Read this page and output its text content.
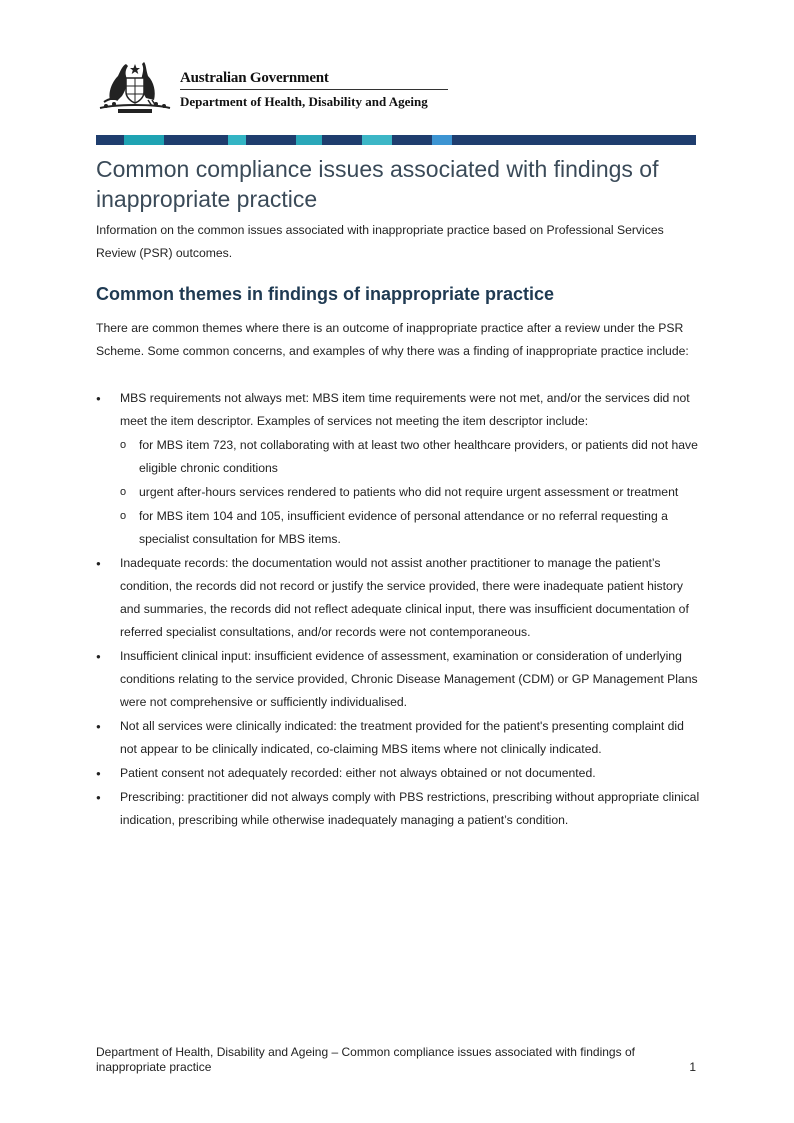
Australian Government
Department of Health, Disability and Ageing
Common compliance issues associated with findings of inappropriate practice

Information on the common issues associated with inappropriate practice based on Professional Services Review (PSR) outcomes.

Common themes in findings of inappropriate practice

There are common themes where there is an outcome of inappropriate practice after a review under the PSR Scheme. Some common concerns, and examples of why there was a finding of inappropriate practice include:

●	MBS requirements not always met: MBS item time requirements were not met, and/or the services did not meet the item descriptor. Examples of services not meeting the item descriptor include:
o	for MBS item 723, not collaborating with at least two other healthcare providers, or patients did not have eligible chronic conditions
o	urgent after-hours services rendered to patients who did not require urgent assessment or treatment
o	for MBS item 104 and 105, insufficient evidence of personal attendance or no referral requesting a specialist consultation for MBS items.
●	Inadequate records: the documentation would not assist another practitioner to manage the patient’s condition, the records did not record or justify the service provided, there were inadequate patient history and summaries, the records did not reflect adequate clinical input, there was insufficient documentation of referred specialist consultations, and/or records were not contemporaneous.
●	Insufficient clinical input: insufficient evidence of assessment, examination or consideration of underlying conditions relating to the service provided, Chronic Disease Management (CDM) or GP Management Plans were not comprehensive or sufficiently individualised.
●	Not all services were clinically indicated: the treatment provided for the patient's presenting complaint did not appear to be clinically indicated, co-claiming MBS items where not clinically indicated.
●	Patient consent not adequately recorded: either not always obtained or not documented.
●	Prescribing: practitioner did not always comply with PBS restrictions, prescribing without appropriate clinical indication, prescribing while otherwise inadequately managing a patient’s condition.
Department of Health, Disability and Ageing – Common compliance issues associated with findings of
inappropriate practice	1
